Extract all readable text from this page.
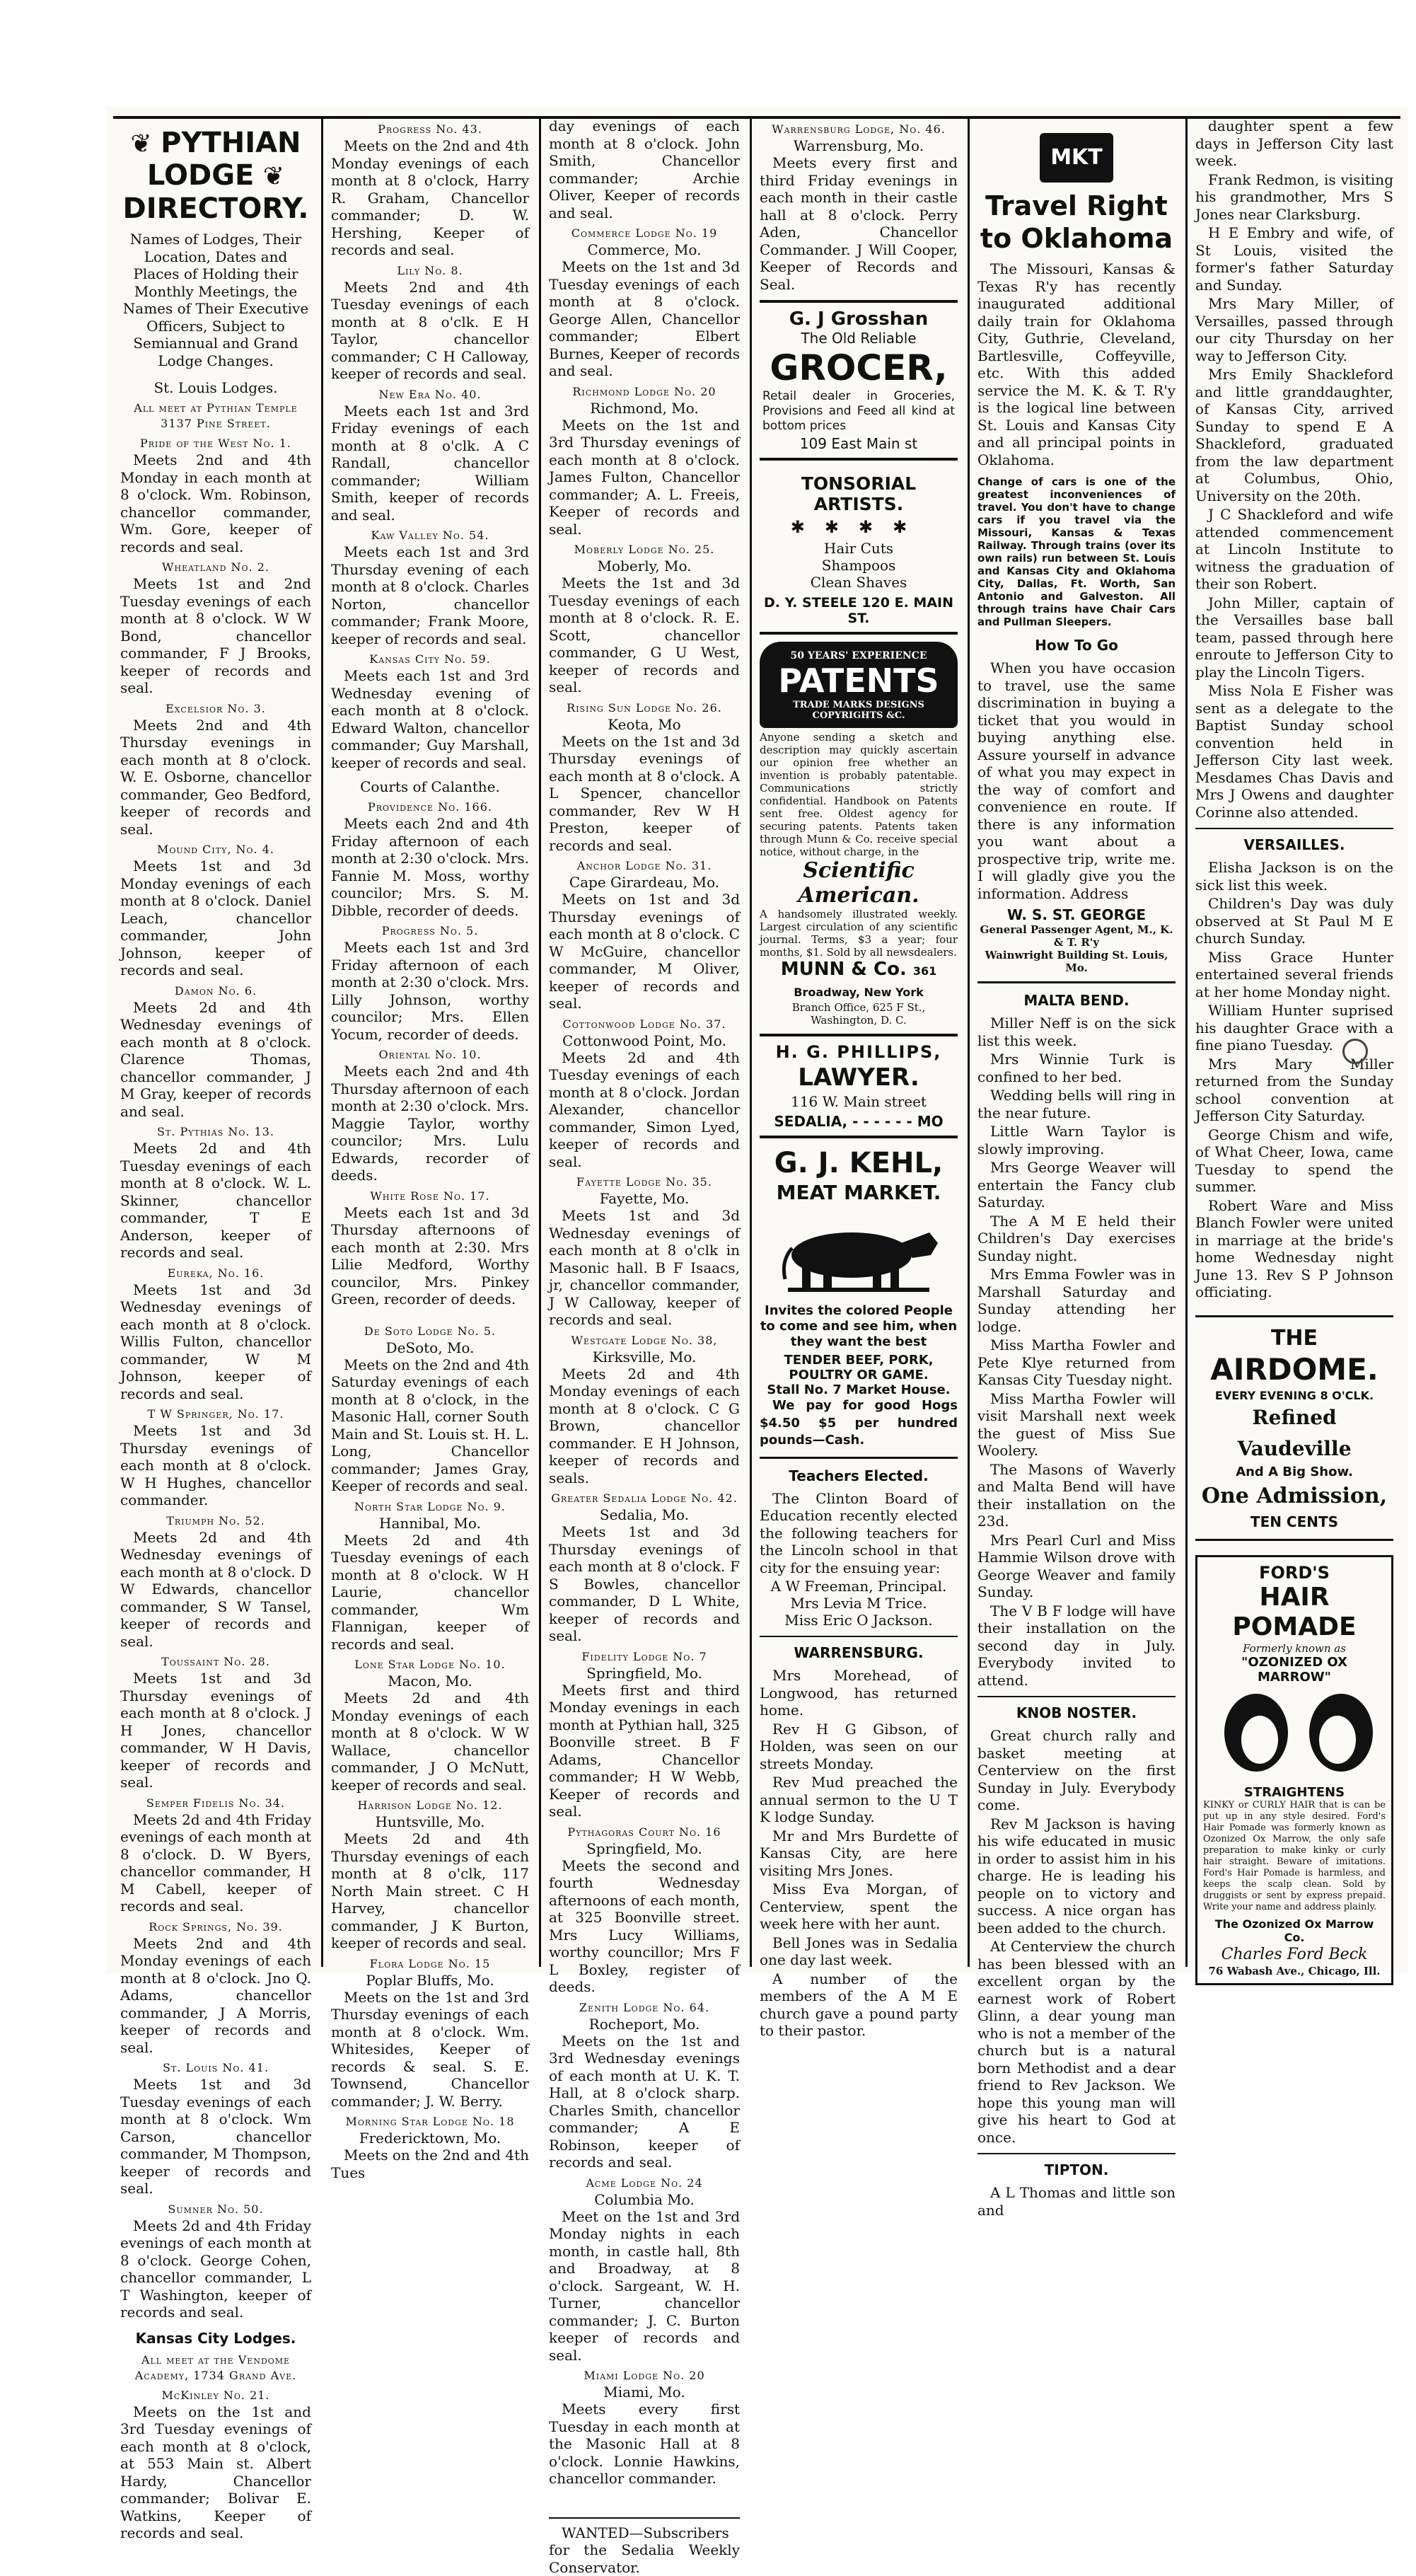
❦ PYTHIAN LODGE ❦
DIRECTORY.

Names of Lodges, Their Location, Dates and Places of Holding their Monthly Meetings, the Names of Their Executive Officers, Subject to Semiannual and Grand Lodge Changes.

St. Louis Lodges.

All meet at Pythian Temple 3137 Pine Street.

Pride of the West No. 1.

Meets 2nd and 4th Monday in each month at 8 o'clock. Wm. Robinson, chancellor commander, Wm. Gore, keeper of records and seal.

Wheatland No. 2.

Meets 1st and 2nd Tuesday evenings of each month at 8 o'clock. W W Bond, chancellor commander, F J Brooks, keeper of records and seal.

Excelsior No. 3.

Meets 2nd and 4th Thursday evenings in each month at 8 o'clock. W. E. Osborne, chancellor commander, Geo Bedford, keeper of records and seal.

Mound City, No. 4.

Meets 1st and 3d Monday evenings of each month at 8 o'clock. Daniel Leach, chancellor commander, John Johnson, keeper of records and seal.

Damon No. 6.

Meets 2d and 4th Wednesday evenings of each month at 8 o'clock. Clarence Thomas, chancellor commander, J M Gray, keeper of records and seal.

St. Pythias No. 13.

Meets 2d and 4th Tuesday evenings of each month at 8 o'clock. W. L. Skinner, chancellor commander, T E Anderson, keeper of records and seal.

Eureka, No. 16.

Meets 1st and 3d Wednesday evenings of each month at 8 o'clock. Willis Fulton, chancellor commander, W M Johnson, keeper of records and seal.

T W Springer, No. 17.

Meets 1st and 3d Thursday evenings of each month at 8 o'clock. W H Hughes, chancellor commander.

Triumph No. 52.

Meets 2d and 4th Wednesday evenings of each month at 8 o'clock. D W Edwards, chancellor commander, S W Tansel, keeper of records and seal.

Toussaint No. 28.

Meets 1st and 3d Thursday evenings of each month at 8 o'clock. J H Jones, chancellor commander, W H Davis, keeper of records and seal.

Semper Fidelis No. 34.

Meets 2d and 4th Friday evenings of each month at 8 o'clock. D. W Byers, chancellor commander, H M Cabell, keeper of records and seal.

Rock Springs, No. 39.

Meets 2nd and 4th Monday evenings of each month at 8 o'clock. Jno Q. Adams, chancellor commander, J A Morris, keeper of records and seal.

St. Louis No. 41.

Meets 1st and 3d Tuesday evenings of each month at 8 o'clock. Wm Carson, chancellor commander, M Thompson, keeper of records and seal.

Sumner No. 50.

Meets 2d and 4th Friday evenings of each month at 8 o'clock. George Cohen, chancellor commander, L T Washington, keeper of records and seal.

Kansas City Lodges.

All meet at the Vendome Academy, 1734 Grand Ave.

McKinley No. 21.

Meets on the 1st and 3rd Tuesday evenings of each month at 8 o'clock, at 553 Main st. Albert Hardy, Chancellor commander; Bolivar E. Watkins, Keeper of records and seal.

Progress No. 43.

Meets on the 2nd and 4th Monday evenings of each month at 8 o'clock, Harry R. Graham, Chancellor commander; D. W. Hershing, Keeper of records and seal.

Lily No. 8.

Meets 2nd and 4th Tuesday evenings of each month at 8 o'clk. E H Taylor, chancellor commander; C H Calloway, keeper of records and seal.

New Era No. 40.

Meets each 1st and 3rd Friday evenings of each month at 8 o'clk. A C Randall, chancellor commander; William Smith, keeper of records and seal.

Kaw Valley No. 54.

Meets each 1st and 3rd Thursday evening of each month at 8 o'clock. Charles Norton, chancellor commander; Frank Moore, keeper of records and seal.

Kansas City No. 59.

Meets each 1st and 3rd Wednesday evening of each month at 8 o'clock. Edward Walton, chancellor commander; Guy Marshall, keeper of records and seal.

Courts of Calanthe.

Providence No. 166.

Meets each 2nd and 4th Friday afternoon of each month at 2:30 o'clock. Mrs. Fannie M. Moss, worthy councilor; Mrs. S. M. Dibble, recorder of deeds.

Progress No. 5.

Meets each 1st and 3rd Friday afternoon of each month at 2:30 o'clock. Mrs. Lilly Johnson, worthy councilor; Mrs. Ellen Yocum, recorder of deeds.

Oriental No. 10.

Meets each 2nd and 4th Thursday afternoon of each month at 2:30 o'clock. Mrs. Maggie Taylor, worthy councilor; Mrs. Lulu Edwards, recorder of deeds.

White Rose No. 17.

Meets each 1st and 3d Thursday afternoons of each month at 2:30. Mrs Lilie Medford, Worthy councilor, Mrs. Pinkey Green, recorder of deeds.

De Soto Lodge No. 5.

DeSoto, Mo.

Meets on the 2nd and 4th Saturday evenings of each month at 8 o'clock, in the Masonic Hall, corner South Main and St. Louis st. H. L. Long, Chancellor commander; James Gray, Keeper of records and seal.

North Star Lodge No. 9.

Hannibal, Mo.

Meets 2d and 4th Tuesday evenings of each month at 8 o'clock. W H Laurie, chancellor commander, Wm Flannigan, keeper of records and seal.

Lone Star Lodge No. 10.

Macon, Mo.

Meets 2d and 4th Monday evenings of each month at 8 o'clock. W W Wallace, chancellor commander, J O McNutt, keeper of records and seal.

Harrison Lodge No. 12.

Huntsville, Mo.

Meets 2d and 4th Thursday evenings of each month at 8 o'clk, 117 North Main street. C H Harvey, chancellor commander, J K Burton, keeper of records and seal.

Flora Lodge No. 15

Poplar Bluffs, Mo.

Meets on the 1st and 3rd Thursday evenings of each month at 8 o'clock. Wm. Whitesides, Keeper of records & seal. S. E. Townsend, Chancellor commander; J. W. Berry.

Morning Star Lodge No. 18

Fredericktown, Mo.

Meets on the 2nd and 4th Tues

day evenings of each month at 8 o'clock. John Smith, Chancellor commander; Archie Oliver, Keeper of records and seal.

Commerce Lodge No. 19

Commerce, Mo.

Meets on the 1st and 3d Tuesday evenings of each month at 8 o'clock. George Allen, Chancellor commander; Elbert Burnes, Keeper of records and seal.

Richmond Lodge No. 20

Richmond, Mo.

Meets on the 1st and 3rd Thursday evenings of each month at 8 o'clock. James Fulton, Chancellor commander; A. L. Freeis, Keeper of records and seal.

Moberly Lodge No. 25.

Moberly, Mo.

Meets the 1st and 3d Tuesday evenings of each month at 8 o'clock. R. E. Scott, chancellor commander, G U West, keeper of records and seal.

Rising Sun Lodge No. 26.

Keota, Mo

Meets on the 1st and 3d Thursday evenings of each month at 8 o'clock. A L Spencer, chancellor commander, Rev W H Preston, keeper of records and seal.

Anchor Lodge No. 31.

Cape Girardeau, Mo.

Meets on 1st and 3d Thursday evenings of each month at 8 o'clock. C W McGuire, chancellor commander, M Oliver, keeper of records and seal.

Cottonwood Lodge No. 37.

Cottonwood Point, Mo.

Meets 2d and 4th Tuesday evenings of each month at 8 o'clock. Jordan Alexander, chancellor commander, Simon Lyed, keeper of records and seal.

Fayette Lodge No. 35.

Fayette, Mo.

Meets 1st and 3d Wednesday evenings of each month at 8 o'clk in Masonic hall. B F Isaacs, jr, chancellor commander, J W Calloway, keeper of records and seal.

Westgate Lodge No. 38,

Kirksville, Mo.

Meets 2d and 4th Monday evenings of each month at 8 o'clock. C G Brown, chancellor commander. E H Johnson, keeper of records and seals.

Greater Sedalia Lodge No. 42.

Sedalia, Mo.

Meets 1st and 3d Thursday evenings of each month at 8 o'clock. F S Bowles, chancellor commander, D L White, keeper of records and seal.

Fidelity Lodge No. 7

Springfield, Mo.

Meets first and third Monday evenings in each month at Pythian hall, 325 Boonville street. B F Adams, Chancellor commander; H W Webb, Keeper of records and seal.

Pythagoras Court No. 16

Springfield, Mo.

Meets the second and fourth Wednesday afternoons of each month, at 325 Boonville street. Mrs Lucy Williams, worthy councillor; Mrs F L Boxley, register of deeds.

Zenith Lodge No. 64.

Rocheport, Mo.

Meets on the 1st and 3rd Wednesday evenings of each month at U. K. T. Hall, at 8 o'clock sharp. Charles Smith, chancellor commander; A E Robinson, keeper of records and seal.

Acme Lodge No. 24

Columbia Mo.

Meet on the 1st and 3rd Monday nights in each month, in castle hall, 8th and Broadway, at 8 o'clock. Sargeant, W. H. Turner, chancellor commander; J. C. Burton keeper of records and seal.

Miami Lodge No. 20

Miami, Mo.

Meets every first Tuesday in each month at the Masonic Hall at 8 o'clock. Lonnie Hawkins, chancellor commander.

WANTED—Subscribers for the Sedalia Weekly Conservator.

Warrensburg Lodge, No. 46.

Warrensburg, Mo.

Meets every first and third Friday evenings in each month in their castle hall at 8 o'clock. Perry Aden, Chancellor Commander. J Will Cooper, Keeper of Records and Seal.

G. J Grosshan

The Old Reliable

GROCER,

Retail dealer in Groceries, Provisions and Feed all kind at bottom prices

109 East Main st

TONSORIAL ARTISTS.

✱✱✱✱

Hair Cuts

Shampoos

Clean Shaves

D. Y. STEELE 120 E. MAIN ST.

50 YEARS' EXPERIENCE
PATENTS
TRADE MARKS DESIGNS COPYRIGHTS &C.

Anyone sending a sketch and description may quickly ascertain our opinion free whether an invention is probably patentable. Communications strictly confidential. Handbook on Patents sent free. Oldest agency for securing patents. Patents taken through Munn & Co. receive special notice, without charge, in the

Scientific American.

A handsomely illustrated weekly. Largest circulation of any scientific journal. Terms, $3 a year; four months, $1. Sold by all newsdealers.

MUNN & Co. 361 Broadway, New York

Branch Office, 625 F St., Washington, D. C.

H. G. PHILLIPS,

LAWYER.

116 W. Main street

SEDALIA, - - - - - - MO

G. J. KEHL,

MEAT MARKET.

Invites the colored People to come and see him, when they want the best

TENDER BEEF, PORK, POULTRY OR GAME.

Stall No. 7 Market House.

We pay for good Hogs $4.50 $5 per hundred pounds—Cash.

Teachers Elected.

The Clinton Board of Education recently elected the following teachers for the Lincoln school in that city for the ensuing year:

A W Freeman, Principal.

Mrs Levia M Trice.

Miss Eric O Jackson.

WARRENSBURG.

Mrs Morehead, of Longwood, has returned home.

Rev H G Gibson, of Holden, was seen on our streets Monday.

Rev Mud preached the annual sermon to the U T K lodge Sunday.

Mr and Mrs Burdette of Kansas City, are here visiting Mrs Jones.

Miss Eva Morgan, of Centerview, spent the week here with her aunt.

Bell Jones was in Sedalia one day last week.

A number of the members of the A M E church gave a pound party to their pastor.

MKT

Travel Right

to Oklahoma

The Missouri, Kansas & Texas R'y has recently inaugurated additional daily train for Oklahoma City, Guthrie, Cleveland, Bartlesville, Coffeyville, etc. With this added service the M. K. & T. R'y is the logical line between St. Louis and Kansas City and all principal points in Oklahoma.

Change of cars is one of the greatest inconveniences of travel. You don't have to change cars if you travel via the Missouri, Kansas & Texas Railway. Through trains (over its own rails) run between St. Louis and Kansas City and Oklahoma City, Dallas, Ft. Worth, San Antonio and Galveston. All through trains have Chair Cars and Pullman Sleepers.

How To Go

When you have occasion to travel, use the same discrimination in buying a ticket that you would in buying anything else. Assure yourself in advance of what you may expect in the way of comfort and convenience en route. If there is any information you want about a prospective trip, write me. I will gladly give you the information. Address

W. S. ST. GEORGE

General Passenger Agent, M., K. & T. R'y

Wainwright Building St. Louis, Mo.

MALTA BEND.

Miller Neff is on the sick list this week.

Mrs Winnie Turk is confined to her bed.

Wedding bells will ring in the near future.

Little Warn Taylor is slowly improving.

Mrs George Weaver will entertain the Fancy club Saturday.

The A M E held their Children's Day exercises Sunday night.

Mrs Emma Fowler was in Marshall Saturday and Sunday attending her lodge.

Miss Martha Fowler and Pete Klye returned from Kansas City Tuesday night.

Miss Martha Fowler will visit Marshall next week the guest of Miss Sue Woolery.

The Masons of Waverly and Malta Bend will have their installation on the 23d.

Mrs Pearl Curl and Miss Hammie Wilson drove with George Weaver and family Sunday.

The V B F lodge will have their installation on the second day in July. Everybody invited to attend.

KNOB NOSTER.

Great church rally and basket meeting at Centerview on the first Sunday in July. Everybody come.

Rev M Jackson is having his wife educated in music in order to assist him in his charge. He is leading his people on to victory and success. A nice organ has been added to the church.

At Centerview the church has been blessed with an excellent organ by the earnest work of Robert Glinn, a dear young man who is not a member of the church but is a natural born Methodist and a dear friend to Rev Jackson. We hope this young man will give his heart to God at once.

TIPTON.

A L Thomas and little son and

daughter spent a few days in Jefferson City last week.

Frank Redmon, is visiting his grandmother, Mrs S Jones near Clarksburg.

H E Embry and wife, of St Louis, visited the former's father Saturday and Sunday.

Mrs Mary Miller, of Versailles, passed through our city Thursday on her way to Jefferson City.

Mrs Emily Shackleford and little granddaughter, of Kansas City, arrived Sunday to spend E A Shackleford, graduated from the law department at Columbus, Ohio, University on the 20th.

J C Shackleford and wife attended commencement at Lincoln Institute to witness the graduation of their son Robert.

John Miller, captain of the Versailles base ball team, passed through here enroute to Jefferson City to play the Lincoln Tigers.

Miss Nola E Fisher was sent as a delegate to the Baptist Sunday school convention held in Jefferson City last week. Mesdames Chas Davis and Mrs J Owens and daughter Corinne also attended.

VERSAILLES.

Elisha Jackson is on the sick list this week.

Children's Day was duly observed at St Paul M E church Sunday.

Miss Grace Hunter entertained several friends at her home Monday night.

William Hunter suprised his daughter Grace with a fine piano Tuesday.

Mrs Mary Miller returned from the Sunday school convention at Jefferson City Saturday.

George Chism and wife, of What Cheer, Iowa, came Tuesday to spend the summer.

Robert Ware and Miss Blanch Fowler were united in marriage at the bride's home Wednesday night June 13. Rev S P Johnson officiating.

THE

AIRDOME.

EVERY EVENING 8 O'CLK.

Refined Vaudeville

And A Big Show.

One Admission,

TEN CENTS

FORD'S

HAIR POMADE

Formerly known as

"OZONIZED OX MARROW"

STRAIGHTENS

KINKY or CURLY HAIR that is can be put up in any style desired. Ford's Hair Pomade was formerly known as Ozonized Ox Marrow, the only safe preparation to make kinky or curly hair straight. Beware of imitations. Ford's Hair Pomade is harmless, and keeps the scalp clean. Sold by druggists or sent by express prepaid. Write your name and address plainly.

The Ozonized Ox Marrow Co.

Charles Ford Beck

76 Wabash Ave., Chicago, Ill.
